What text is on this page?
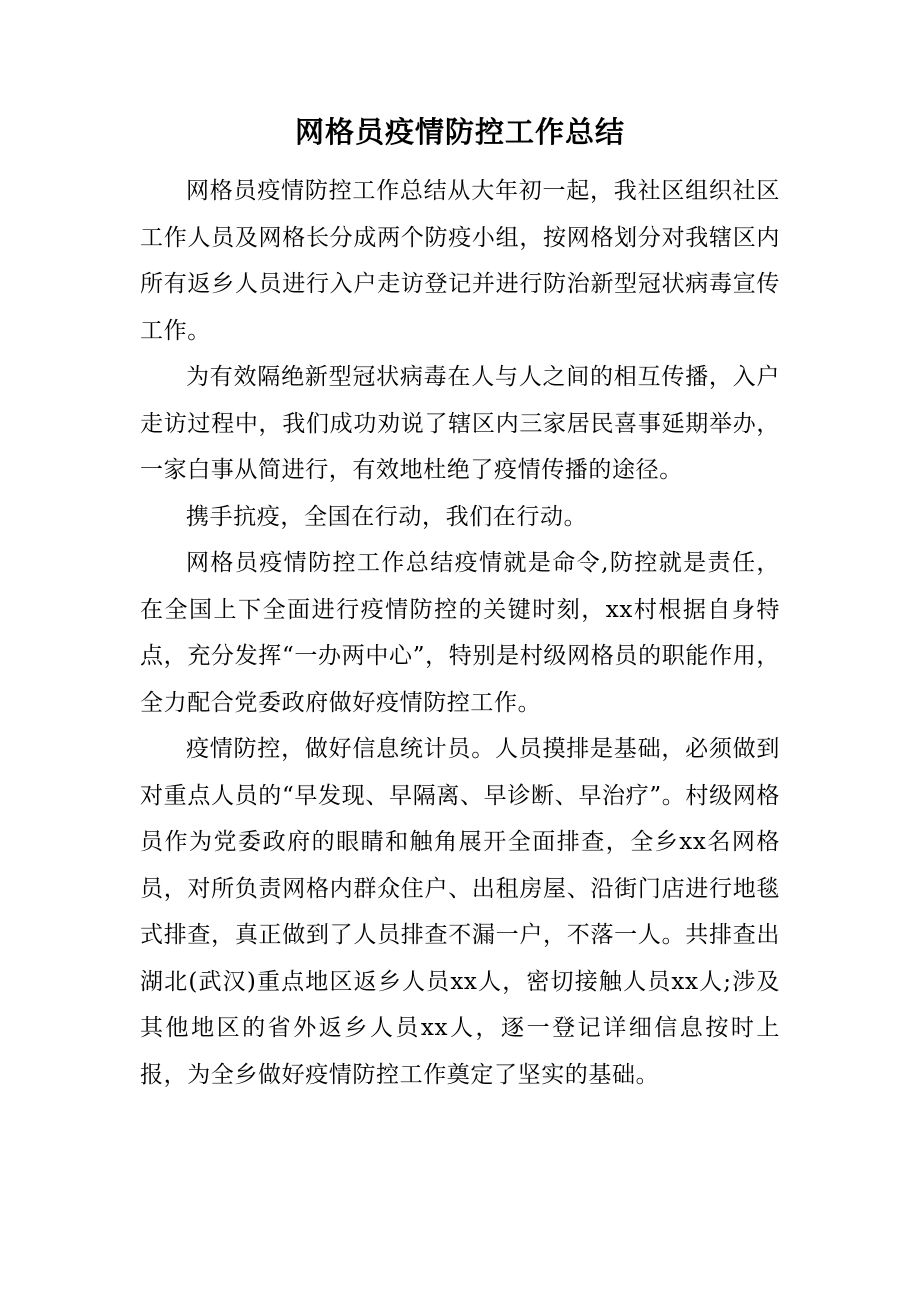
网格员疫情防控工作总结

网格员疫情防控工作总结从大年初一起，我社区组织社区工作人员及网格长分成两个防疫小组，按网格划分对我辖区内所有返乡人员进行入户走访登记并进行防治新型冠状病毒宣传工作。

为有效隔绝新型冠状病毒在人与人之间的相互传播，入户走访过程中，我们成功劝说了辖区内三家居民喜事延期举办，一家白事从简进行，有效地杜绝了疫情传播的途径。

携手抗疫，全国在行动，我们在行动。

网格员疫情防控工作总结疫情就是命令,防控就是责任，在全国上下全面进行疫情防控的关键时刻，xx村根据自身特点，充分发挥“一办两中心”，特别是村级网格员的职能作用，全力配合党委政府做好疫情防控工作。

疫情防控，做好信息统计员。人员摸排是基础，必须做到对重点人员的“早发现、早隔离、早诊断、早治疗”。村级网格员作为党委政府的眼睛和触角展开全面排查，全乡xx名网格员，对所负责网格内群众住户、出租房屋、沿街门店进行地毯式排查，真正做到了人员排查不漏一户，不落一人。共排查出湖北(武汉)重点地区返乡人员xx人，密切接触人员xx人;涉及其他地区的省外返乡人员xx人，逐一登记详细信息按时上报，为全乡做好疫情防控工作奠定了坚实的基础。
